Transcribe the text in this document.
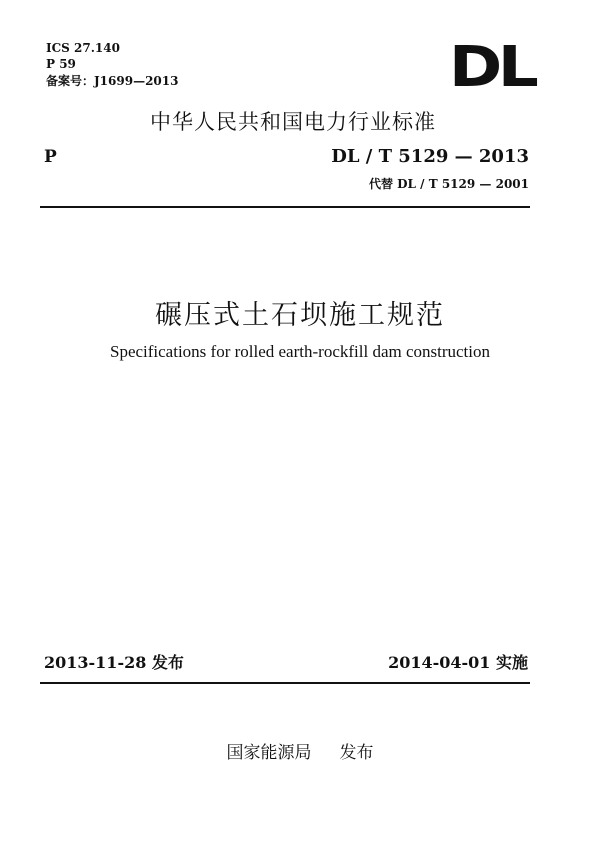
ICS 27.140
P 59
备案号：J1699—2013	DL
中华人民共和国电力行业标准
P	DL / T 5129 — 2013
代替 DL / T 5129 — 2001
碾压式土石坝施工规范
Specifications for rolled earth-rockfill dam construction
2013-11-28 发布	2014-04-01 实施
国家能源局 发布
